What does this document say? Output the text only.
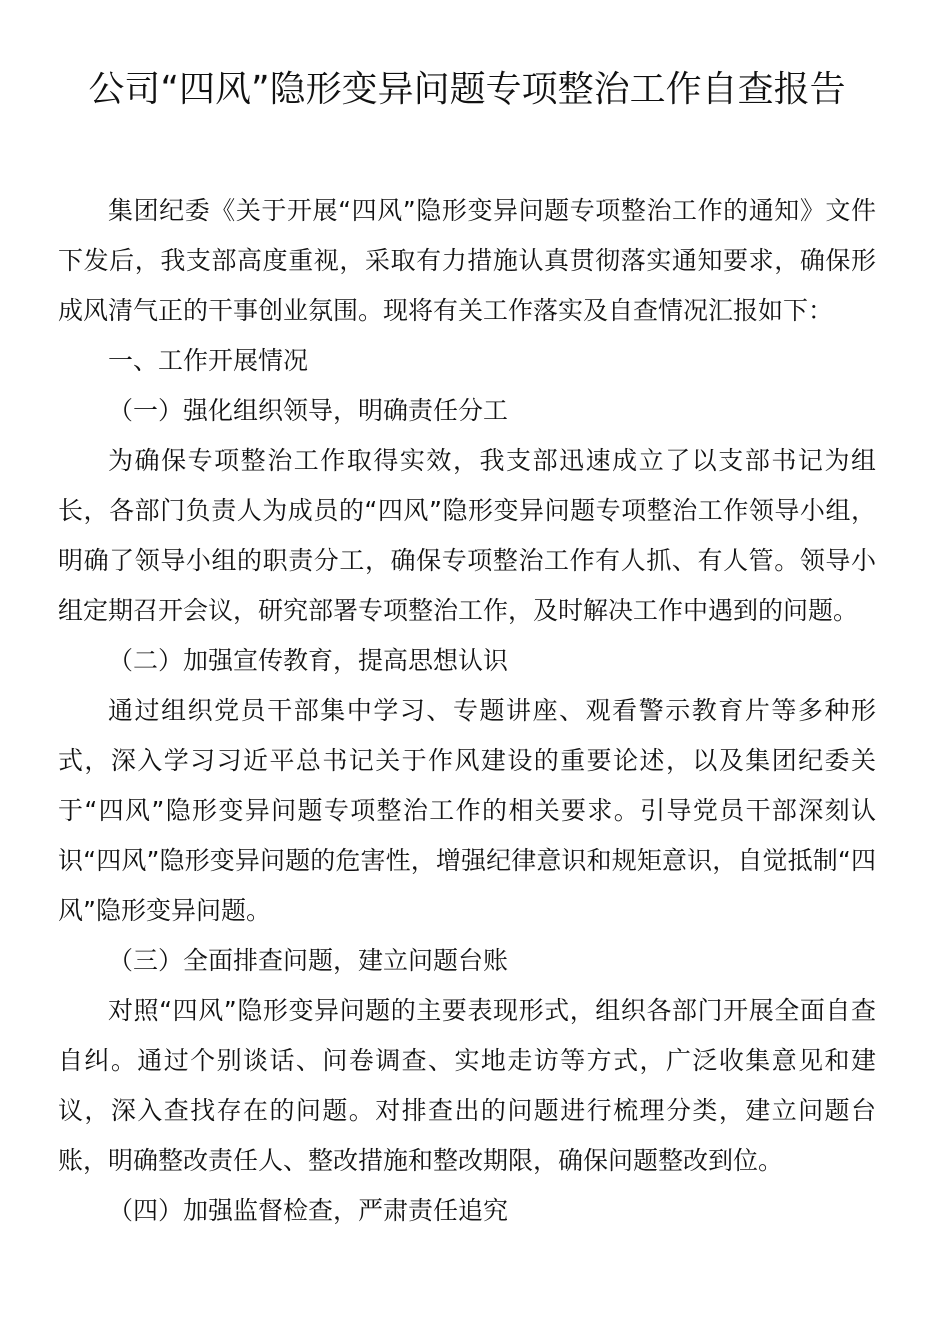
公司“四风”隐形变异问题专项整治工作自查报告

集团纪委《关于开展“四风”隐形变异问题专项整治工作的通知》文件下发后，我支部高度重视，采取有力措施认真贯彻落实通知要求，确保形成风清气正的干事创业氛围。现将有关工作落实及自查情况汇报如下：

一、工作开展情况

（一）强化组织领导，明确责任分工

为确保专项整治工作取得实效，我支部迅速成立了以支部书记为组长，各部门负责人为成员的“四风”隐形变异问题专项整治工作领导小组，明确了领导小组的职责分工，确保专项整治工作有人抓、有人管。领导小组定期召开会议，研究部署专项整治工作，及时解决工作中遇到的问题。

（二）加强宣传教育，提高思想认识

通过组织党员干部集中学习、专题讲座、观看警示教育片等多种形式，深入学习习近平总书记关于作风建设的重要论述，以及集团纪委关于“四风”隐形变异问题专项整治工作的相关要求。引导党员干部深刻认识“四风”隐形变异问题的危害性，增强纪律意识和规矩意识，自觉抵制“四风”隐形变异问题。

（三）全面排查问题，建立问题台账

对照“四风”隐形变异问题的主要表现形式，组织各部门开展全面自查自纠。通过个别谈话、问卷调查、实地走访等方式，广泛收集意见和建议，深入查找存在的问题。对排查出的问题进行梳理分类，建立问题台账，明确整改责任人、整改措施和整改期限，确保问题整改到位。

（四）加强监督检查，严肃责任追究
